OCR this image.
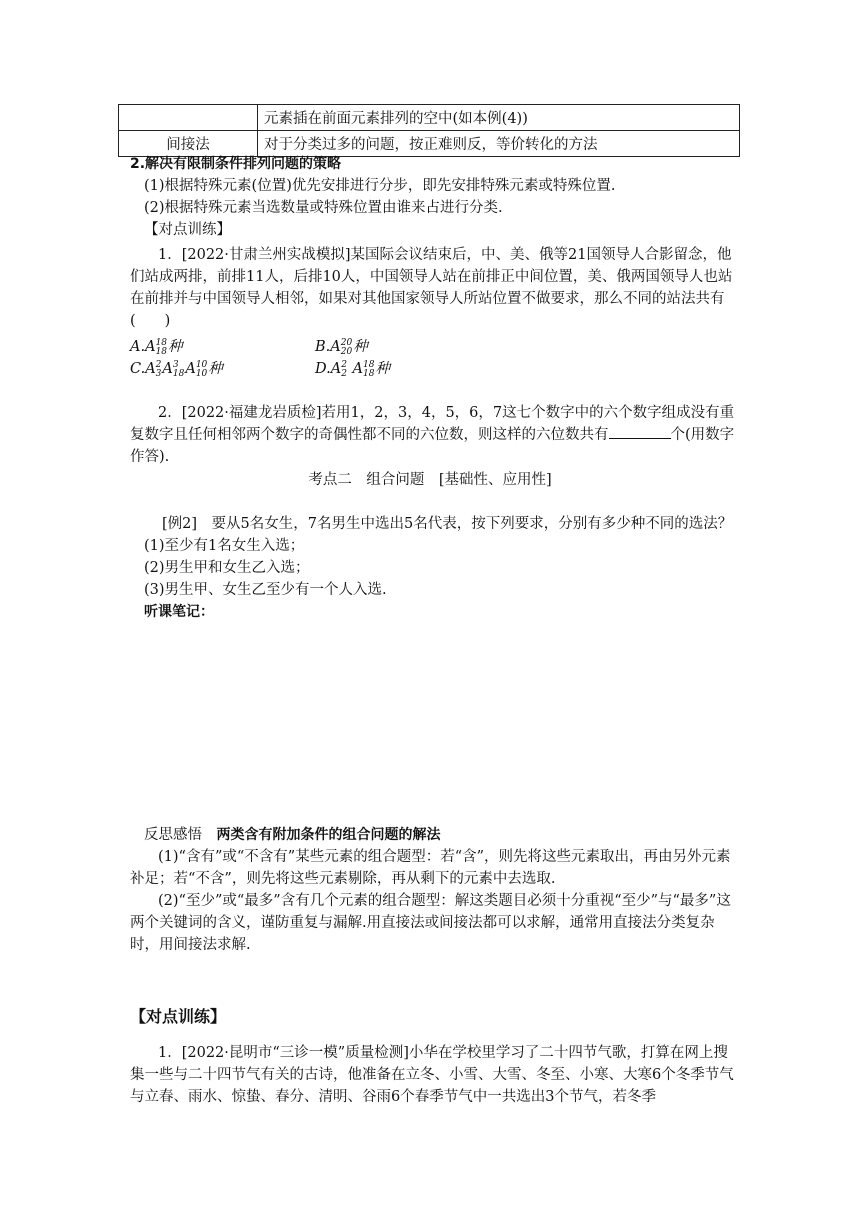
	元素插在前面元素排列的空中(如本例(4))
间接法	对于分类过多的问题，按正难则反，等价转化的方法

2.解决有限制条件排列问题的策略

(1)根据特殊元素(位置)优先安排进行分步，即先安排特殊元素或特殊位置.

(2)根据特殊元素当选数量或特殊位置由谁来占进行分类.

【对点训练】

1．[2022·甘肃兰州实战模拟]某国际会议结束后，中、美、俄等21国领导人合影留念，他们站成两排，前排11人，后排10人，中国领导人站在前排正中间位置，美、俄两国领导人也站在前排并与中国领导人相邻，如果对其他国家领导人所站位置不做要求，那么不同的站法共有(　　)

A.A 18
18 种	B.A 20
20 种
C.A 2
3 A 3
18 A 10
10 种	D.A 2
2 A 18
18 种

2．[2022·福建龙岩质检]若用1，2，3，4，5，6，7这七个数字中的六个数字组成没有重复数字且任何相邻两个数字的奇偶性都不同的六位数，则这样的六位数共有	个(用数字作答).

考点二　组合问题　[基础性、应用性]

[例2]　 要从5名女生，7名男生中选出5名代表，按下列要求，分别有多少种不同的选法？

(1)至少有1名女生入选；

(2)男生甲和女生乙入选；

(3)男生甲、女生乙至少有一个人入选.

听课笔记：

反思感悟　 两类含有附加条件的组合问题的解法

(1)“含有”或“不含有”某些元素的组合题型：若“含”，则先将这些元素取出，再由另外元素补足；若“不含”，则先将这些元素剔除，再从剩下的元素中去选取.

(2)“至少”或“最多”含有几个元素的组合题型：解这类题目必须十分重视“至少”与“最多”这两个关键词的含义，谨防重复与漏解.用直接法或间接法都可以求解，通常用直接法分类复杂时，用间接法求解.

【对点训练】

1．[2022·昆明市“三诊一模”质量检测]小华在学校里学习了二十四节气歌，打算在网上搜集一些与二十四节气有关的古诗，他准备在立冬、小雪、大雪、冬至、小寒、大寒6个冬季节气与立春、雨水、惊蛰、春分、清明、谷雨6个春季节气中一共选出3个节气，若冬季
